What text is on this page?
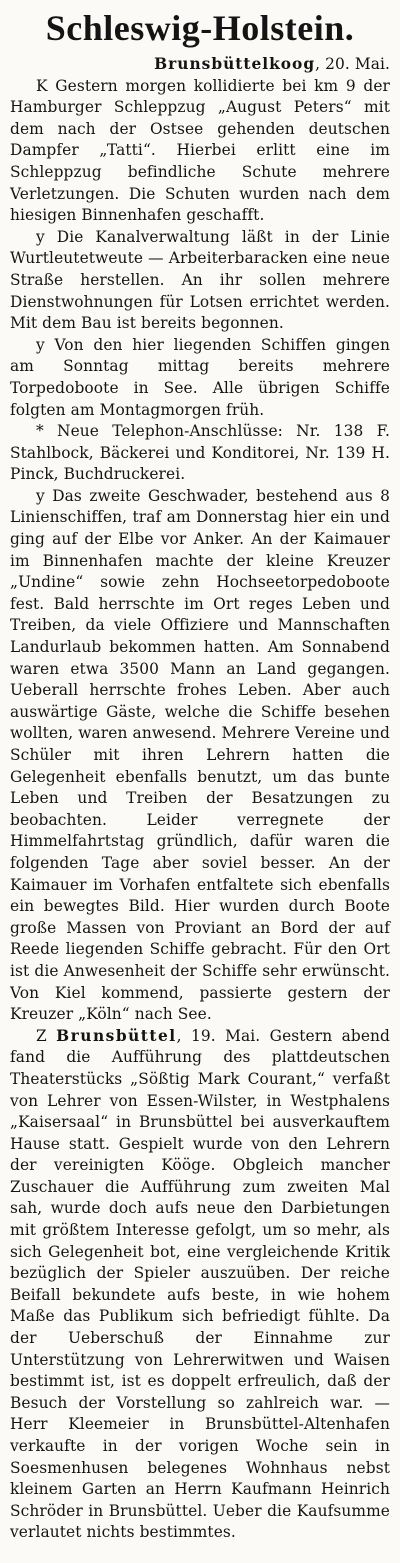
Schleswig-Holstein.

Brunsbüttelkoog, 20. Mai.

K Gestern morgen kollidierte bei km 9 der Hamburger Schleppzug „August Peters“ mit dem nach der Ostsee gehenden deutschen Dampfer „Tatti“. Hierbei erlitt eine im Schleppzug befindliche Schute mehrere Verletzungen. Die Schuten wurden nach dem hiesigen Binnenhafen geschafft.

y Die Kanalverwaltung läßt in der Linie Wurtleutetweute — Arbeiterbaracken eine neue Straße herstellen. An ihr sollen mehrere Dienstwohnungen für Lotsen errichtet werden. Mit dem Bau ist bereits begonnen.

y Von den hier liegenden Schiffen gingen am Sonntag mittag bereits mehrere Torpedoboote in See. Alle übrigen Schiffe folgten am Montagmorgen früh.

* Neue Telephon-Anschlüsse: Nr. 138 F. Stahlbock, Bäckerei und Konditorei, Nr. 139 H. Pinck, Buchdruckerei.

y Das zweite Geschwader, bestehend aus 8 Linienschiffen, traf am Donnerstag hier ein und ging auf der Elbe vor Anker. An der Kaimauer im Binnenhafen machte der kleine Kreuzer „Undine“ sowie zehn Hochseetorpedoboote fest. Bald herrschte im Ort reges Leben und Treiben, da viele Offiziere und Mannschaften Landurlaub bekommen hatten. Am Sonnabend waren etwa 3500 Mann an Land gegangen. Ueberall herrschte frohes Leben. Aber auch auswärtige Gäste, welche die Schiffe besehen wollten, waren anwesend. Mehrere Vereine und Schüler mit ihren Lehrern hatten die Gelegenheit ebenfalls benutzt, um das bunte Leben und Treiben der Besatzungen zu beobachten. Leider verregnete der Himmelfahrtstag gründlich, dafür waren die folgenden Tage aber soviel besser. An der Kaimauer im Vorhafen entfaltete sich ebenfalls ein bewegtes Bild. Hier wurden durch Boote große Massen von Proviant an Bord der auf Reede liegenden Schiffe gebracht. Für den Ort ist die Anwesenheit der Schiffe sehr erwünscht. Von Kiel kommend, passierte gestern der Kreuzer „Köln“ nach See.

Z Brunsbüttel, 19. Mai. Gestern abend fand die Aufführung des plattdeutschen Theaterstücks „Sößtig Mark Courant,“ verfaßt von Lehrer von Essen-Wilster, in Westphalens „Kaisersaal“ in Brunsbüttel bei ausverkauftem Hause statt. Gespielt wurde von den Lehrern der vereinigten Kööge. Obgleich mancher Zuschauer die Aufführung zum zweiten Mal sah, wurde doch aufs neue den Darbietungen mit größtem Interesse gefolgt, um so mehr, als sich Gelegenheit bot, eine vergleichende Kritik bezüglich der Spieler auszuüben. Der reiche Beifall bekundete aufs beste, in wie hohem Maße das Publikum sich befriedigt fühlte. Da der Ueberschuß der Einnahme zur Unterstützung von Lehrerwitwen und Waisen bestimmt ist, ist es doppelt erfreulich, daß der Besuch der Vorstellung so zahlreich war. — Herr Kleemeier in Brunsbüttel-Altenhafen verkaufte in der vorigen Woche sein in Soesmenhusen belegenes Wohnhaus nebst kleinem Garten an Herrn Kaufmann Heinrich Schröder in Brunsbüttel. Ueber die Kaufsumme verlautet nichts bestimmtes.
